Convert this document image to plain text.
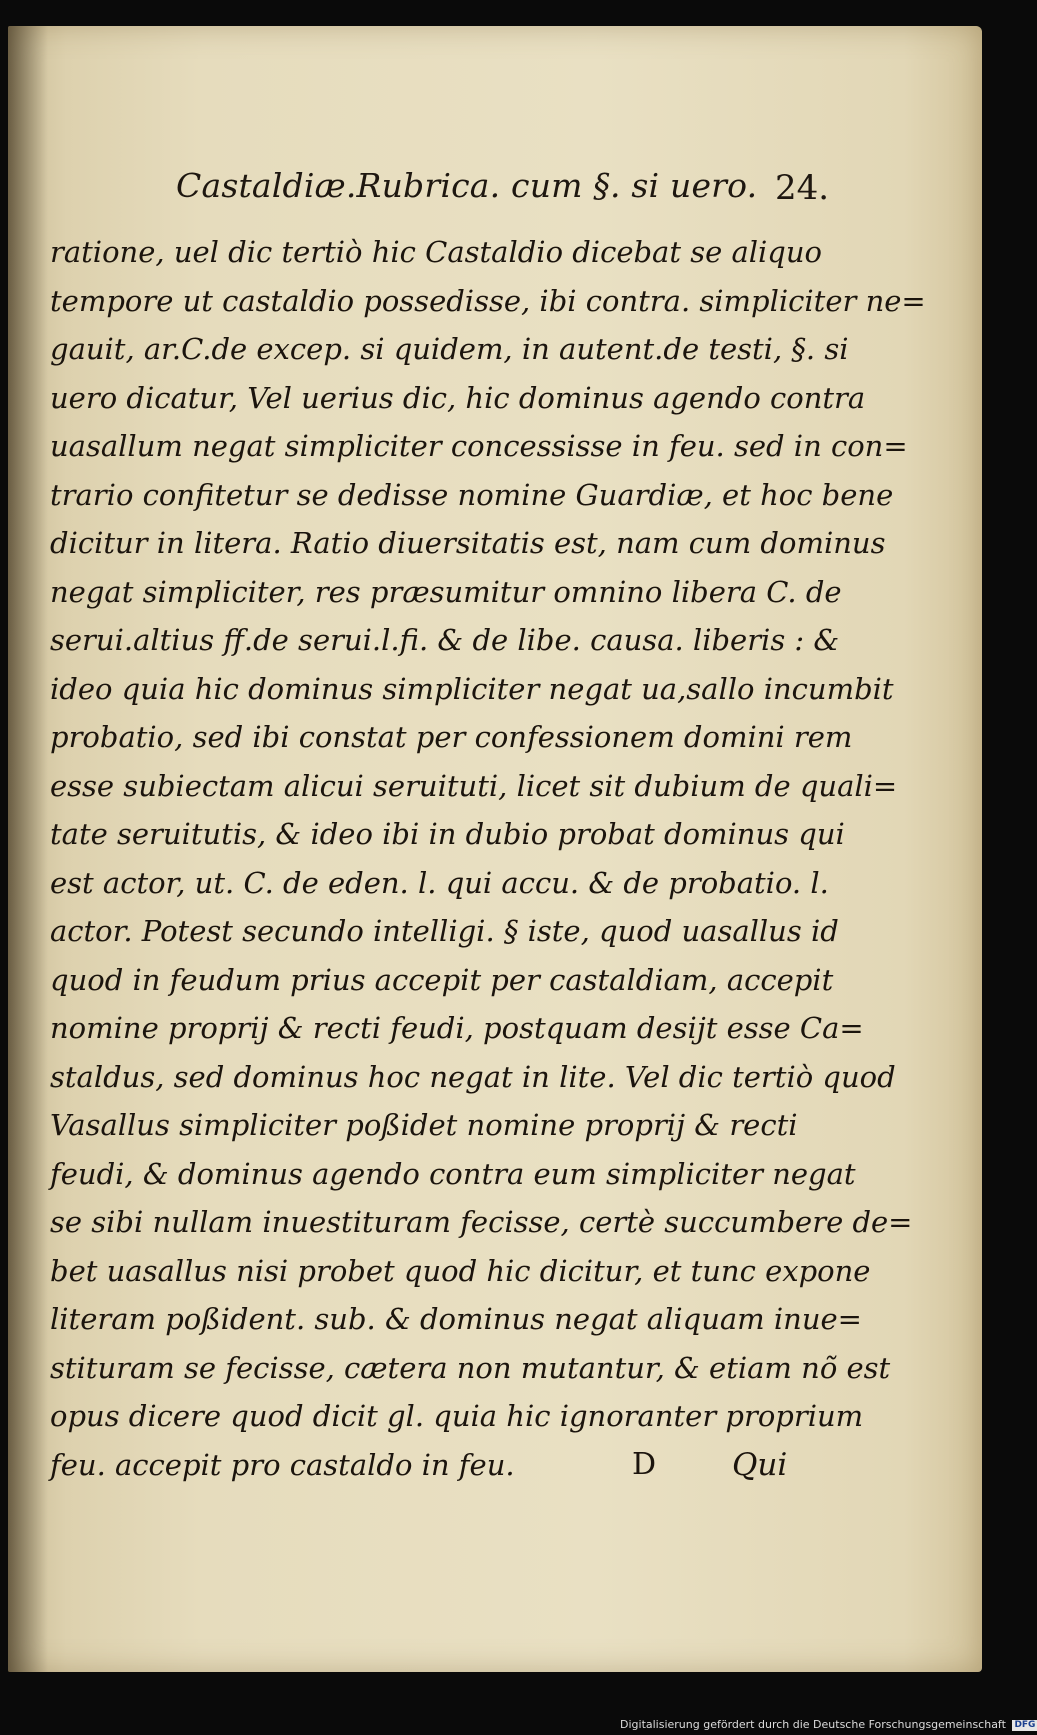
Castaldiæ.Rubrica. cum §. si uero. 24.
ratione, uel dic tertiò hic Castaldio dicebat se aliquo
tempore ut castaldio possedisse, ibi contra. simpliciter ne=
gauit, ar.C.de excep. si quidem, in autent.de testi, §. si
uero dicatur, Vel uerius dic, hic dominus agendo contra
uasallum negat simpliciter concessisse in feu. sed in con=
trario confitetur se dedisse nomine Guardiæ, et hoc bene
dicitur in litera. Ratio diuersitatis est, nam cum dominus
negat simpliciter, res præsumitur omnino libera C. de
serui.altius ff.de serui.l.fi. & de libe. causa. liberis : &
ideo quia hic dominus simpliciter negat ua,sallo incumbit
probatio, sed ibi constat per confessionem domini rem
esse subiectam alicui seruituti, licet sit dubium de quali=
tate seruitutis, & ideo ibi in dubio probat dominus qui
est actor, ut. C. de eden. l. qui accu. & de probatio. l.
actor. Potest secundo intelligi. § iste, quod uasallus id
quod in feudum prius accepit per castaldiam, accepit
nomine proprij & recti feudi, postquam desijt esse Ca=
staldus, sed dominus hoc negat in lite. Vel dic tertiò quod
Vasallus simpliciter poßidet nomine proprij & recti
feudi, & dominus agendo contra eum simpliciter negat
se sibi nullam inuestituram fecisse, certè succumbere de=
bet uasallus nisi probet quod hic dicitur, et tunc expone
literam poßident. sub. & dominus negat aliquam inue=
stituram se fecisse, cætera non mutantur, & etiam nõ est
opus dicere quod dicit gl. quia hic ignoranter proprium
feu. accepit pro castaldo in feu.	D Qui
Digitalisierung gefördert durch die Deutsche Forschungsgemeinschaft DFG
